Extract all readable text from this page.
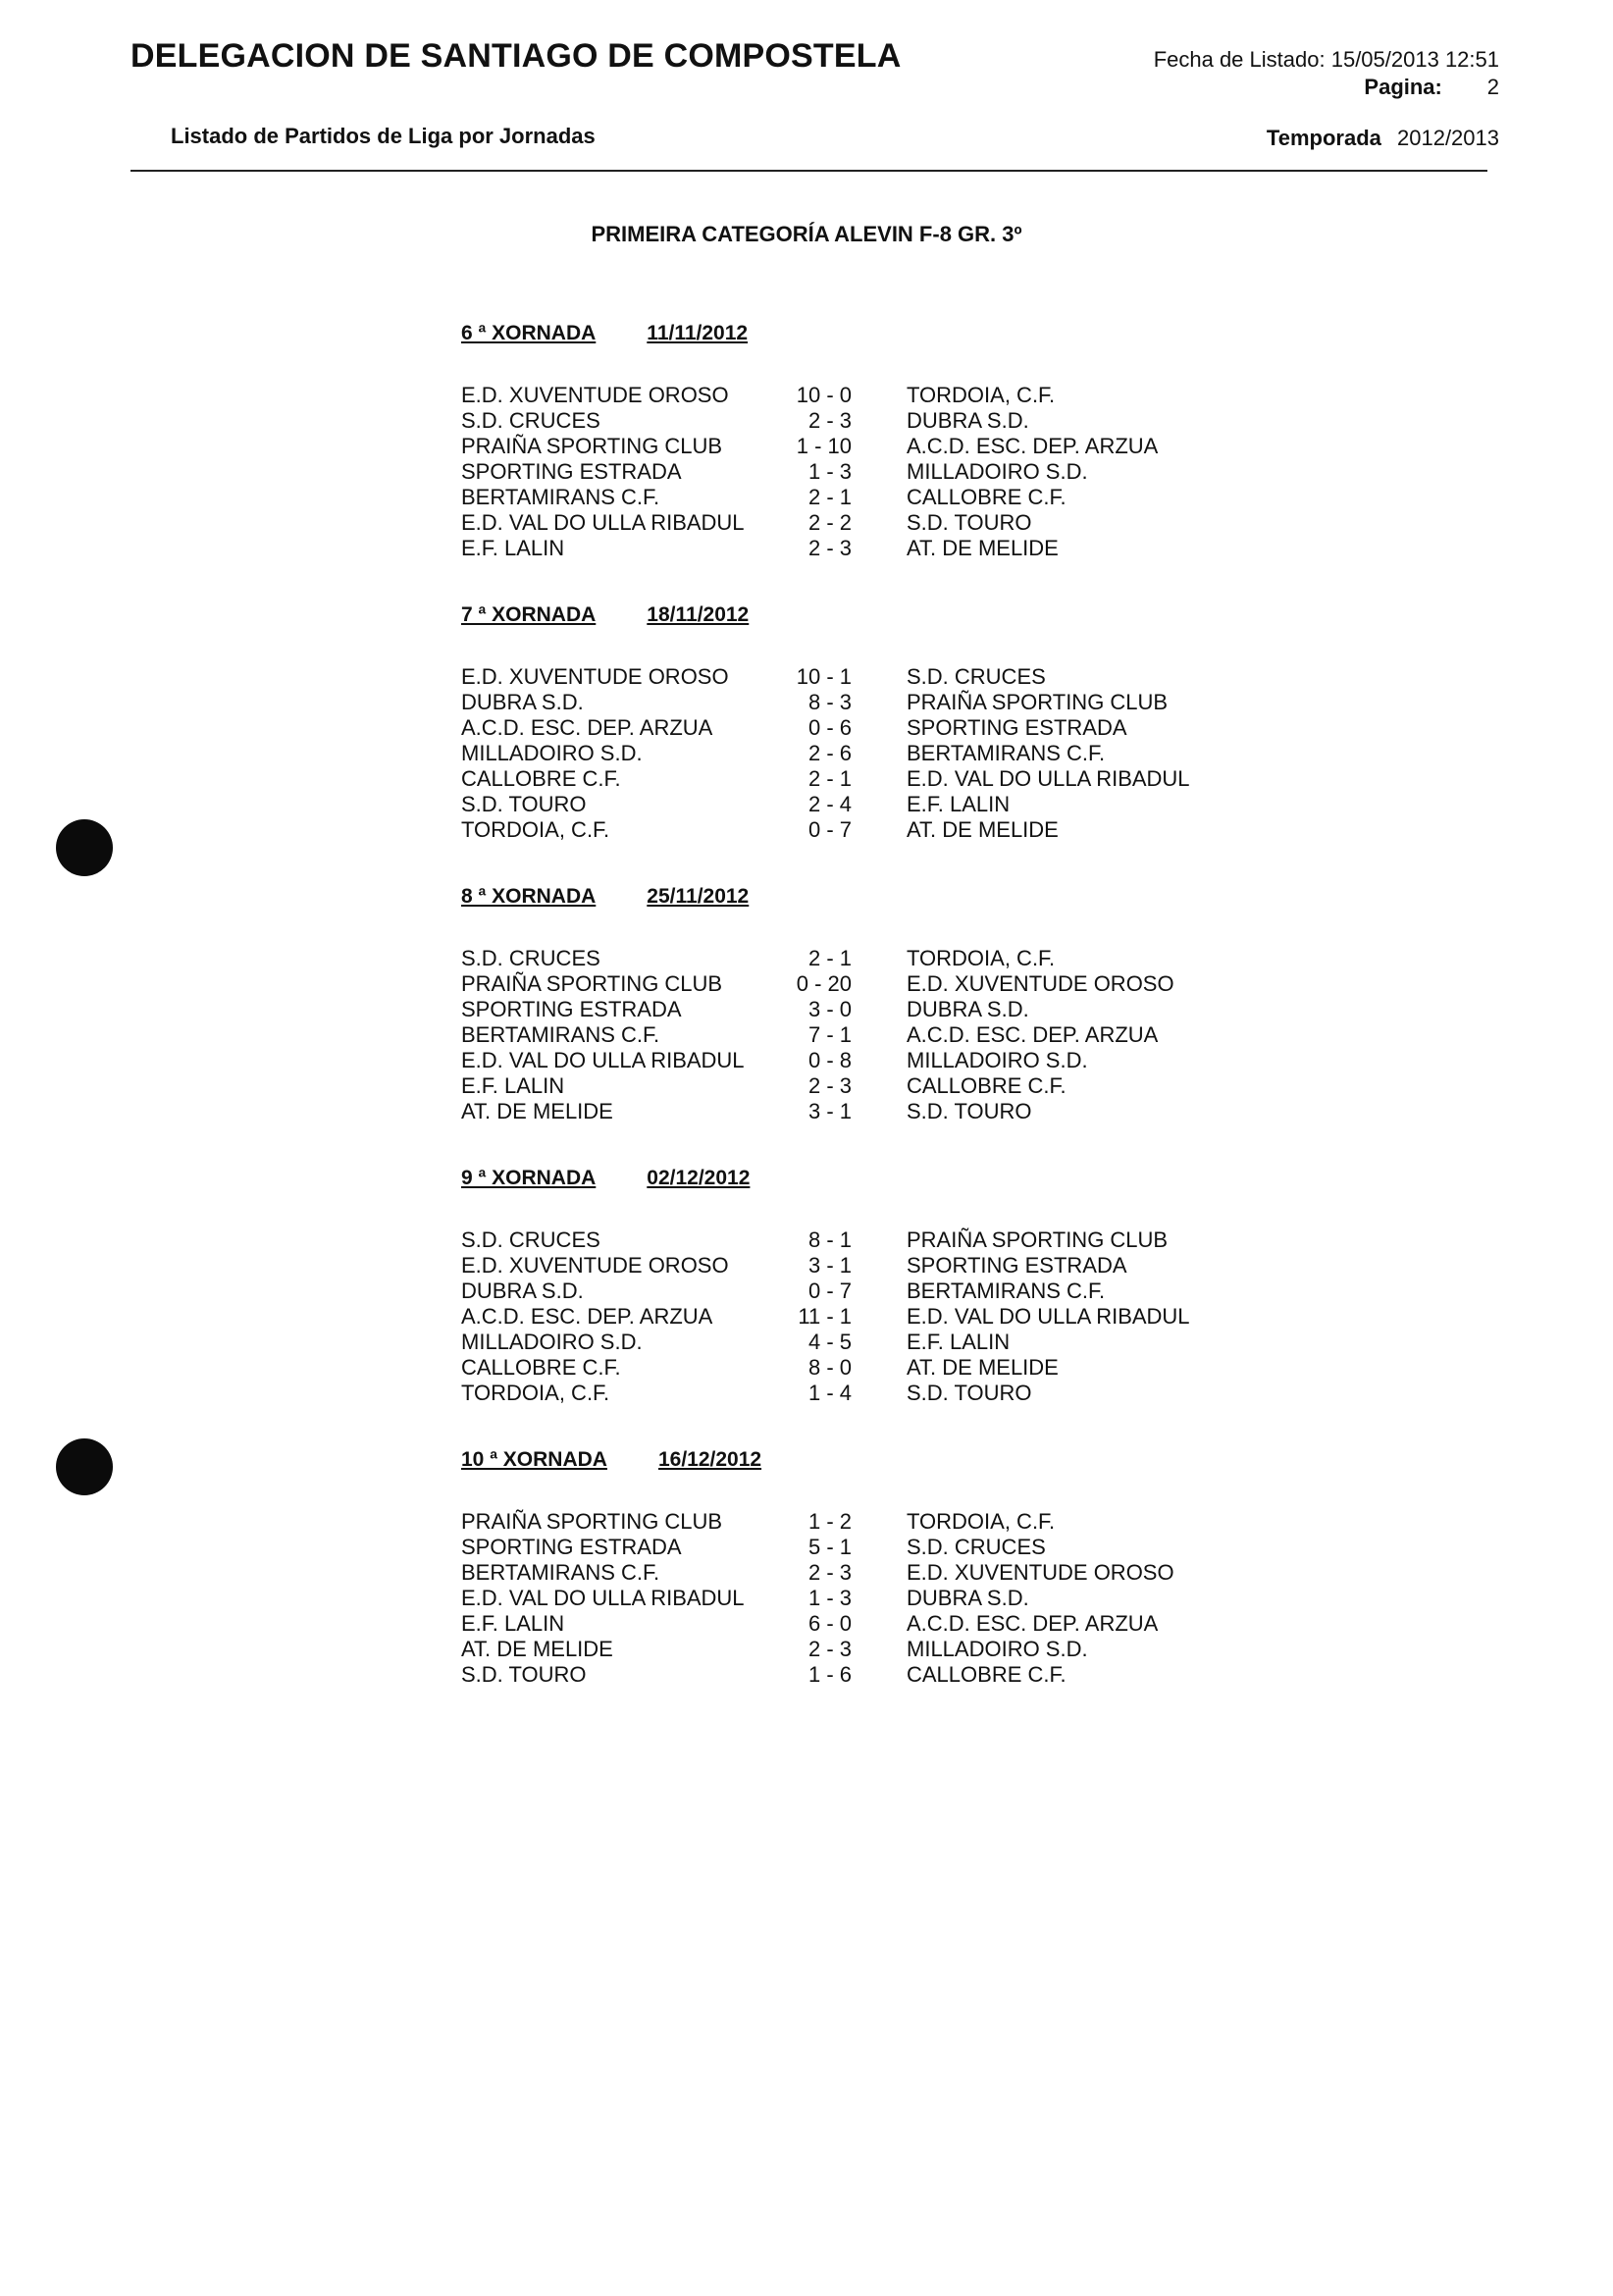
DELEGACION DE SANTIAGO DE COMPOSTELA
Listado de Partidos de Liga por Jornadas
Fecha de Listado: 15/05/2013 12:51
Pagina: 2
Temporada 2012/2013
PRIMEIRA CATEGORÍA ALEVIN F-8 GR. 3º
6 ª XORNADA 11/11/2012
E.D. XUVENTUDE OROSO	10 - 0	TORDOIA, C.F.
S.D. CRUCES	2 - 3	DUBRA S.D.
PRAIÑA SPORTING CLUB	1 - 10	A.C.D. ESC. DEP. ARZUA
SPORTING ESTRADA	1 - 3	MILLADOIRO S.D.
BERTAMIRANS C.F.	2 - 1	CALLOBRE C.F.
E.D. VAL DO ULLA RIBADUL	2 - 2	S.D. TOURO
E.F. LALIN	2 - 3	AT. DE MELIDE
7 ª XORNADA 18/11/2012
E.D. XUVENTUDE OROSO	10 - 1	S.D. CRUCES
DUBRA S.D.	8 - 3	PRAIÑA SPORTING CLUB
A.C.D. ESC. DEP. ARZUA	0 - 6	SPORTING ESTRADA
MILLADOIRO S.D.	2 - 6	BERTAMIRANS C.F.
CALLOBRE C.F.	2 - 1	E.D. VAL DO ULLA RIBADUL
S.D. TOURO	2 - 4	E.F. LALIN
TORDOIA, C.F.	0 - 7	AT. DE MELIDE
8 ª XORNADA 25/11/2012
S.D. CRUCES	2 - 1	TORDOIA, C.F.
PRAIÑA SPORTING CLUB	0 - 20	E.D. XUVENTUDE OROSO
SPORTING ESTRADA	3 - 0	DUBRA S.D.
BERTAMIRANS C.F.	7 - 1	A.C.D. ESC. DEP. ARZUA
E.D. VAL DO ULLA RIBADUL	0 - 8	MILLADOIRO S.D.
E.F. LALIN	2 - 3	CALLOBRE C.F.
AT. DE MELIDE	3 - 1	S.D. TOURO
9 ª XORNADA 02/12/2012
S.D. CRUCES	8 - 1	PRAIÑA SPORTING CLUB
E.D. XUVENTUDE OROSO	3 - 1	SPORTING ESTRADA
DUBRA S.D.	0 - 7	BERTAMIRANS C.F.
A.C.D. ESC. DEP. ARZUA	11 - 1	E.D. VAL DO ULLA RIBADUL
MILLADOIRO S.D.	4 - 5	E.F. LALIN
CALLOBRE C.F.	8 - 0	AT. DE MELIDE
TORDOIA, C.F.	1 - 4	S.D. TOURO
10 ª XORNADA 16/12/2012
PRAIÑA SPORTING CLUB	1 - 2	TORDOIA, C.F.
SPORTING ESTRADA	5 - 1	S.D. CRUCES
BERTAMIRANS C.F.	2 - 3	E.D. XUVENTUDE OROSO
E.D. VAL DO ULLA RIBADUL	1 - 3	DUBRA S.D.
E.F. LALIN	6 - 0	A.C.D. ESC. DEP. ARZUA
AT. DE MELIDE	2 - 3	MILLADOIRO S.D.
S.D. TOURO	1 - 6	CALLOBRE C.F.
